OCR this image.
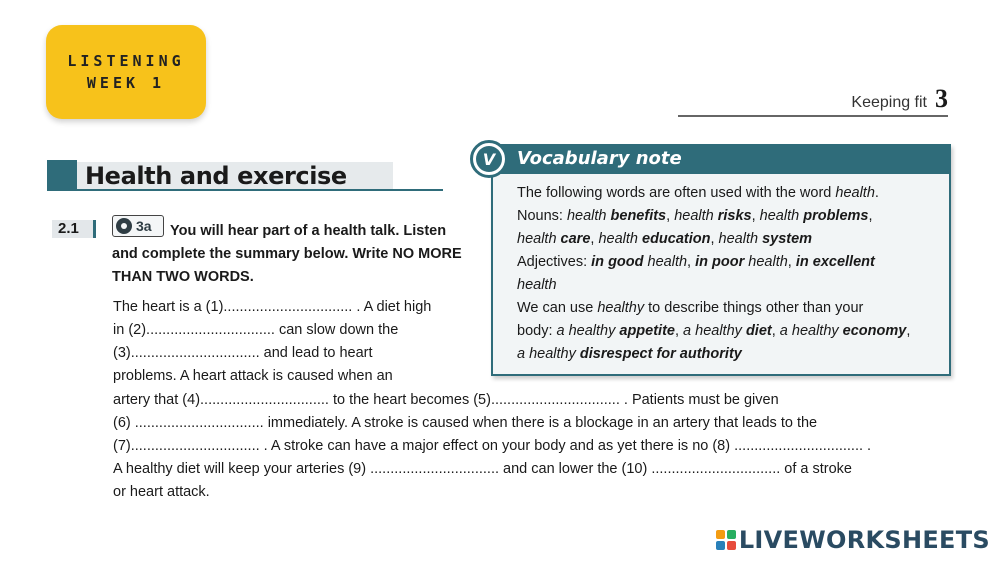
LISTENING
WEEK 1
Keeping fit 3
Health and exercise
2.1	You will hear part of a health talk. Listen and complete the summary below. Write NO MORE THAN TWO WORDS.
3a
The heart is a (1)................................ . A diet high
in (2)................................ can slow down the
(3)................................ and lead to heart
problems. A heart attack is caused when an
artery that (4)................................ to the heart becomes (5)................................ . Patients must be given
(6) ................................ immediately. A stroke is caused when there is a blockage in an artery that leads to the
(7)................................ . A stroke can have a major effect on your body and as yet there is no (8) ................................ .
A healthy diet will keep your arteries (9) ................................ and can lower the (10) ................................ of a stroke
or heart attack.
Vocabulary note
The following words are often used with the word health.
Nouns: health benefits, health risks, health problems,
health care, health education, health system
Adjectives: in good health, in poor health, in excellent
health
We can use healthy to describe things other than your
body: a healthy appetite, a healthy diet, a healthy economy,
a healthy disrespect for authority
V
LIVEWORKSHEETS
